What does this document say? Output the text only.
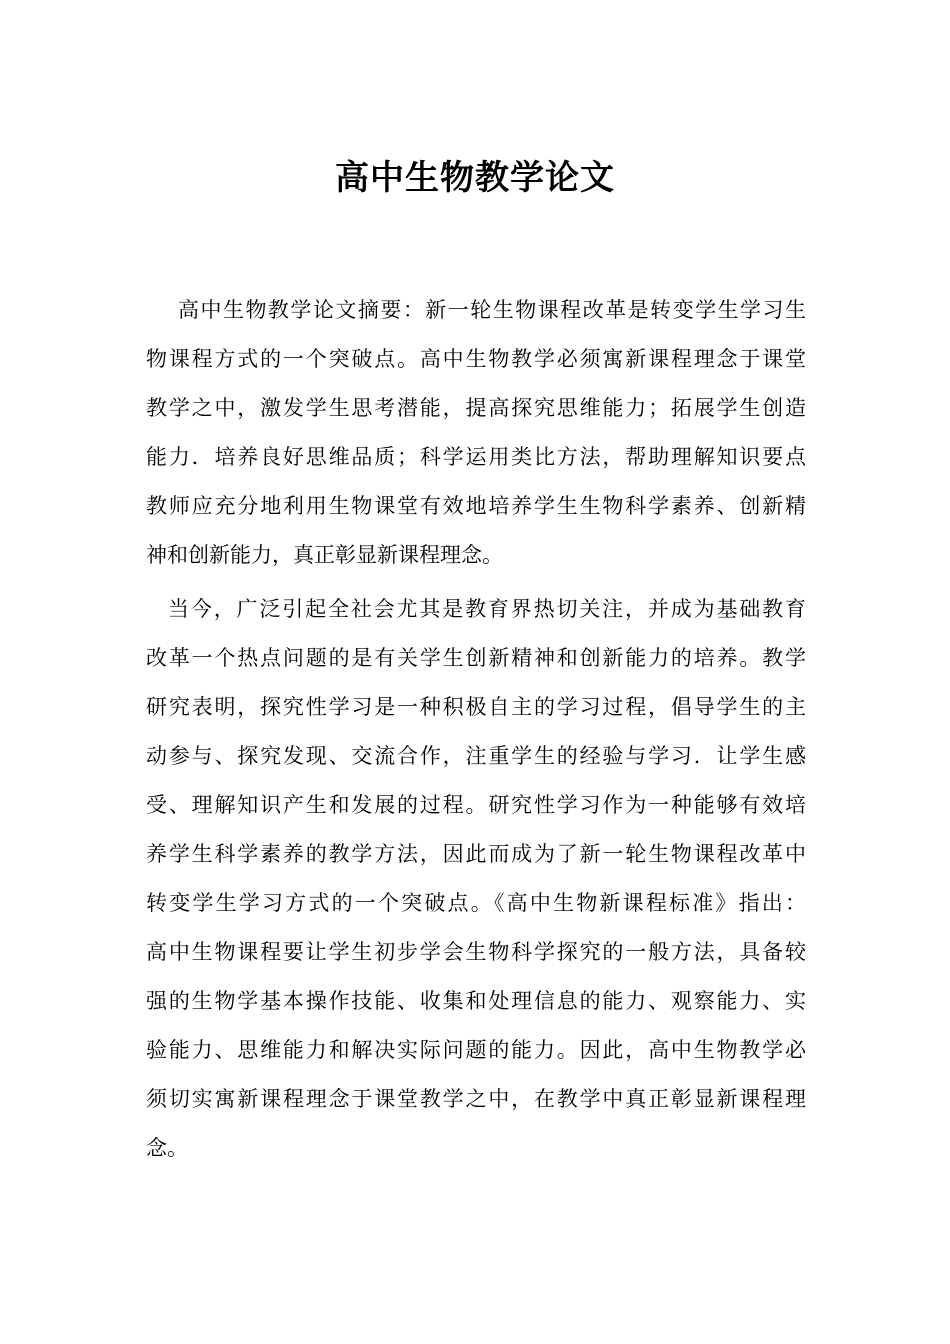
高中生物教学论文
高中生物教学论文摘要：新一轮生物课程改革是转变学生学习生
物课程方式的一个突破点。高中生物教学必须寓新课程理念于课堂
教学之中，激发学生思考潜能，提高探究思维能力；拓展学生创造
能力．培养良好思维品质；科学运用类比方法，帮助理解知识要点
教师应充分地利用生物课堂有效地培养学生生物科学素养、创新精
神和创新能力，真正彰显新课程理念。
当今，广泛引起全社会尤其是教育界热切关注，并成为基础教育
改革一个热点问题的是有关学生创新精神和创新能力的培养。教学
研究表明，探究性学习是一种积极自主的学习过程，倡导学生的主
动参与、探究发现、交流合作，注重学生的经验与学习．让学生感
受、理解知识产生和发展的过程。研究性学习作为一种能够有效培
养学生科学素养的教学方法，因此而成为了新一轮生物课程改革中
转变学生学习方式的一个突破点。《高中生物新课程标准》指出：
高中生物课程要让学生初步学会生物科学探究的一般方法，具备较
强的生物学基本操作技能、收集和处理信息的能力、观察能力、实
验能力、思维能力和解决实际问题的能力。因此，高中生物教学必
须切实寓新课程理念于课堂教学之中，在教学中真正彰显新课程理
念。
